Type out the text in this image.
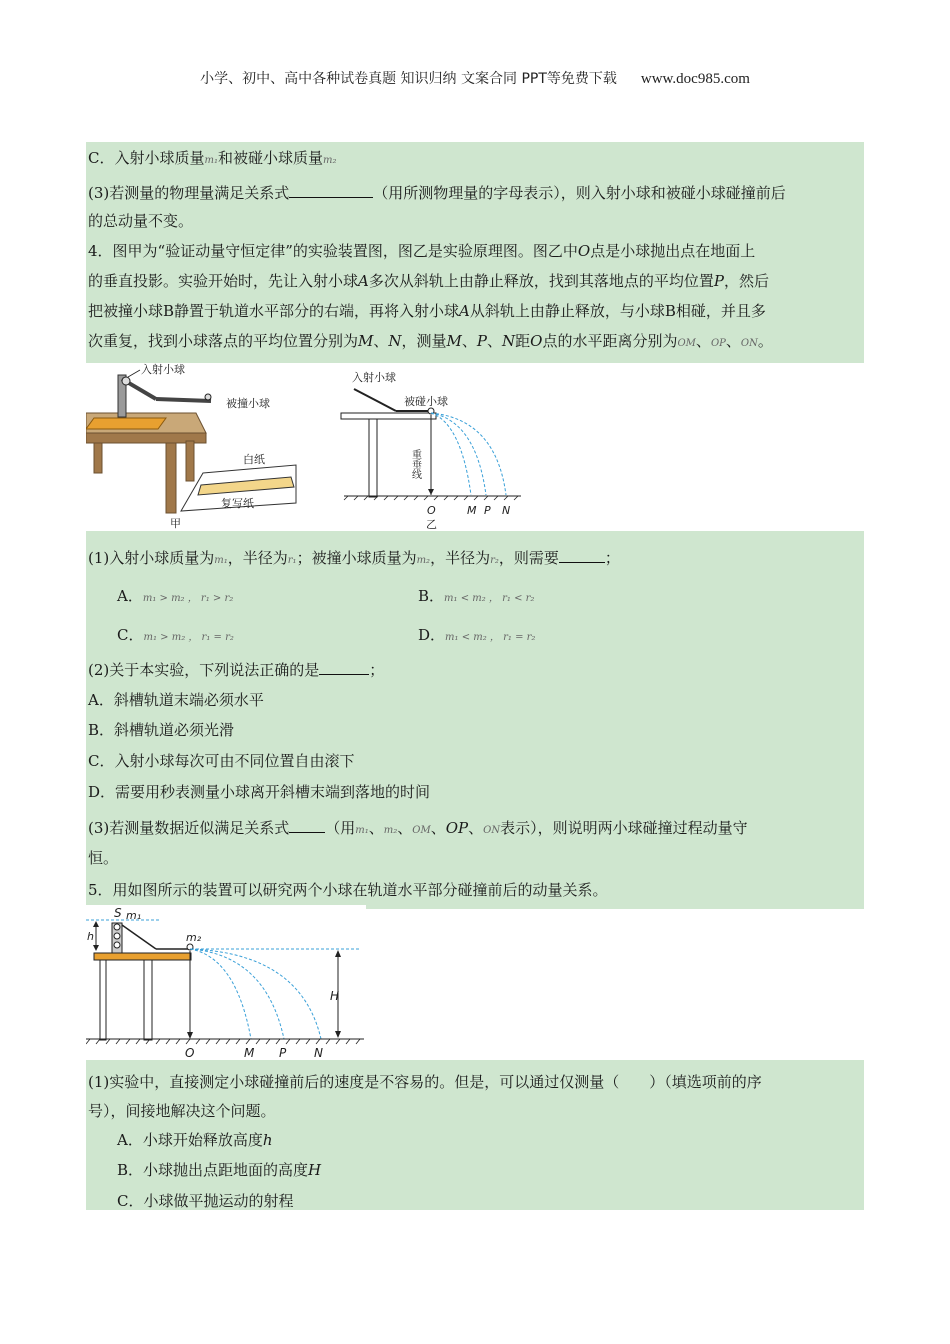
小学、初中、高中各种试卷真题 知识归纳 文案合同 PPT等免费下载 www.doc985.com
C．入射小球质量m₁和被碰小球质量m₂
(3)若测量的物理量满足关系式	（用所测物理量的字母表示），则入射小球和被碰小球碰撞前后
的总动量不变。
4．图甲为“验证动量守恒定律”的实验装置图，图乙是实验原理图。图乙中O点是小球抛出点在地面上
的垂直投影。实验开始时，先让入射小球A多次从斜轨上由静止释放，找到其落地点的平均位置P，然后
把被撞小球B静置于轨道水平部分的右端，再将入射小球A从斜轨上由静止释放，与小球B相碰，并且多
次重复，找到小球落点的平均位置分别为M、N，测量M、P、N距O点的水平距离分别为OM、OP、ON。
入射小球
被撞小球
白纸
复写纸
甲
入射小球
被碰小球
重垂线
O	M P N
乙
(1)入射小球质量为m₁，半径为r₁；被撞小球质量为m₂，半径为r₂，则需要	；
A．m₁ > m₂ ， r₁ > r₂	B．m₁ < m₂ ， r₁ < r₂
C．m₁ > m₂ ， r₁ = r₂	D．m₁ < m₂ ， r₁ = r₂
(2)关于本实验，下列说法正确的是	；
A．斜槽轨道末端必须水平
B．斜槽轨道必须光滑
C．入射小球每次可由不同位置自由滚下
D．需要用秒表测量小球离开斜槽末端到落地的时间
(3)若测量数据近似满足关系式 （用m₁、m₂、OM、OP、ON表示），则说明两小球碰撞过程动量守
恒。
5．用如图所示的装置可以研究两个小球在轨道水平部分碰撞前后的动量关系。
S m₁
h	m₂
H
O	M P N
(1)实验中，直接测定小球碰撞前后的速度是不容易的。但是，可以通过仅测量（　　）（填选项前的序
号），间接地解决这个问题。
A．小球开始释放高度h
B．小球抛出点距地面的高度H
C．小球做平抛运动的射程
